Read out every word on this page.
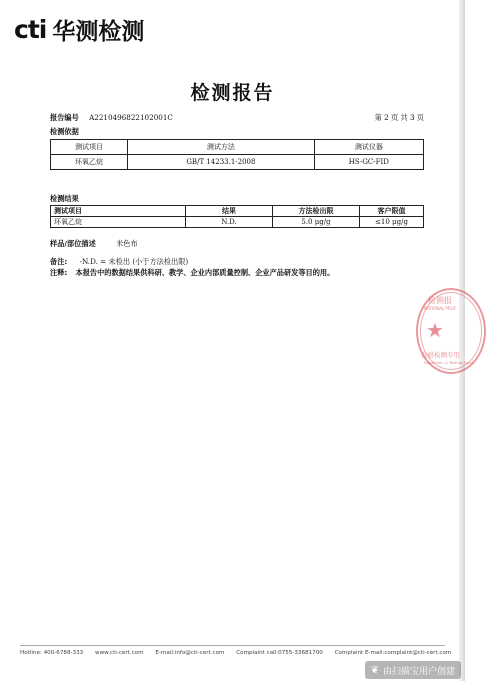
cti 华测检测
检测报告
报告编号 A2210496822102001C	第 2 页 共 3 页
检测依据
测试项目	测试方法	测试仪器
环氧乙烷	GB/T 14233.1-2008	HS-GC-FID
检测结果
测试项目	结果	方法检出限	客户限值
环氧乙烷	N.D.	5.0 μg/g	≤10 μg/g
样品/部位描述	米色布
备注: -N.D. = 未检出 (小于方法检出限)
注释: 本报告中的数据结果供科研、教学、企业内部质量控制、企业产品研发等目的用。
检测报
NATIONAL PROF
★
合格检测专用
Inspection & Testing Servi
Hotline: 400-6788-333 www.cti-cert.com E-mail:info@cti-cert.com Complaint call:0755-33681700 Complaint E-mail:complaint@cti-cert.com
❦ 由扫描宝用户创建
